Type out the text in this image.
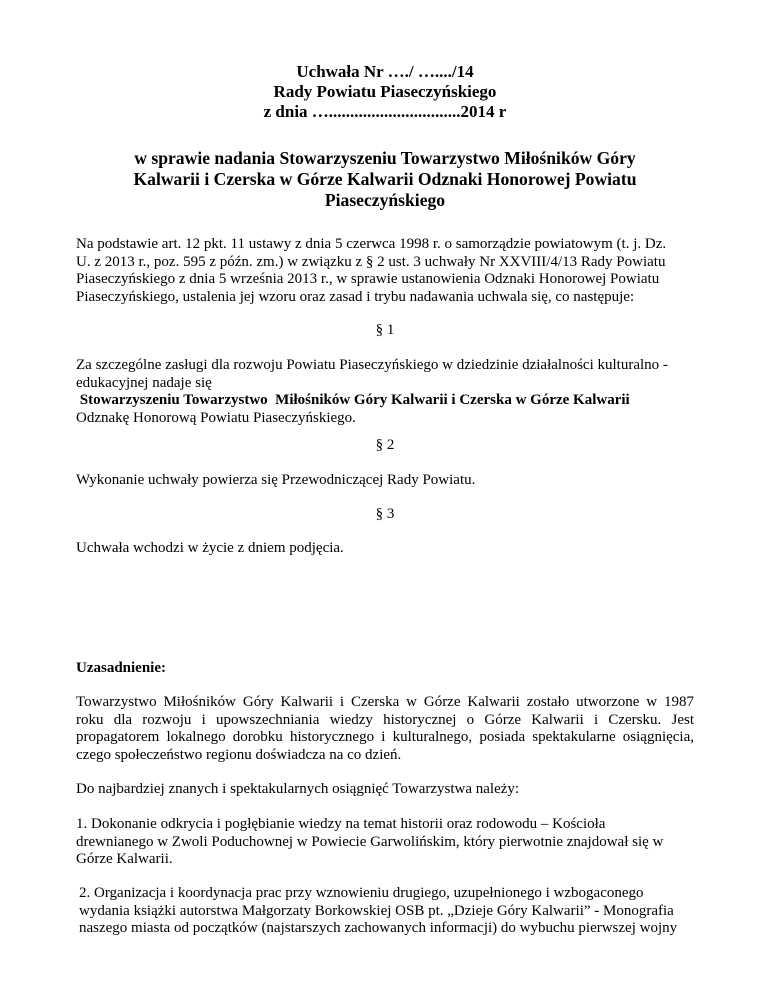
Uchwała Nr …./ …..../14
Rady Powiatu Piaseczyńskiego
z dnia …...............................2014 r
w sprawie nadania Stowarzyszeniu Towarzystwo Miłośników Góry
Kalwarii i Czerska w Górze Kalwarii Odznaki Honorowej Powiatu
Piaseczyńskiego
Na podstawie art. 12 pkt. 11 ustawy z dnia 5 czerwca 1998 r. o samorządzie powiatowym (t. j. Dz.
U. z 2013 r., poz. 595 z późn. zm.) w związku z § 2 ust. 3 uchwały Nr XXVIII/4/13 Rady Powiatu
Piaseczyńskiego z dnia 5 września 2013 r., w sprawie ustanowienia Odznaki Honorowej Powiatu
Piaseczyńskiego, ustalenia jej wzoru oraz zasad i trybu nadawania uchwala się, co następuje:

§ 1

Za szczególne zasługi dla rozwoju Powiatu Piaseczyńskiego w dziedzinie działalności kulturalno -
edukacyjnej nadaje się
Stowarzyszeniu Towarzystwo  Miłośników Góry Kalwarii i Czerska w Górze Kalwarii
Odznakę Honorową Powiatu Piaseczyńskiego.

§ 2

Wykonanie uchwały powierza się Przewodniczącej Rady Powiatu.

§ 3

Uchwała wchodzi w życie z dniem podjęcia.

Uzasadnienie:

Towarzystwo Miłośników Góry Kalwarii i Czerska w Górze Kalwarii zostało utworzone w 1987
roku dla rozwoju i upowszechniania wiedzy historycznej o Górze Kalwarii i Czersku. Jest
propagatorem lokalnego dorobku historycznego i kulturalnego, posiada spektakularne osiągnięcia,
czego społeczeństwo regionu doświadcza na co dzień.

Do najbardziej znanych i spektakularnych osiągnięć Towarzystwa należy:

1. Dokonanie odkrycia i pogłębianie wiedzy na temat historii oraz rodowodu – Kościoła
drewnianego w Zwoli Poduchownej w Powiecie Garwolińskim, który pierwotnie znajdował się w
Górze Kalwarii.
2. Organizacja i koordynacja prac przy wznowieniu drugiego, uzupełnionego i wzbogaconego
wydania książki autorstwa Małgorzaty Borkowskiej OSB pt. „Dzieje Góry Kalwarii” - Monografia
naszego miasta od początków (najstarszych zachowanych informacji) do wybuchu pierwszej wojny
